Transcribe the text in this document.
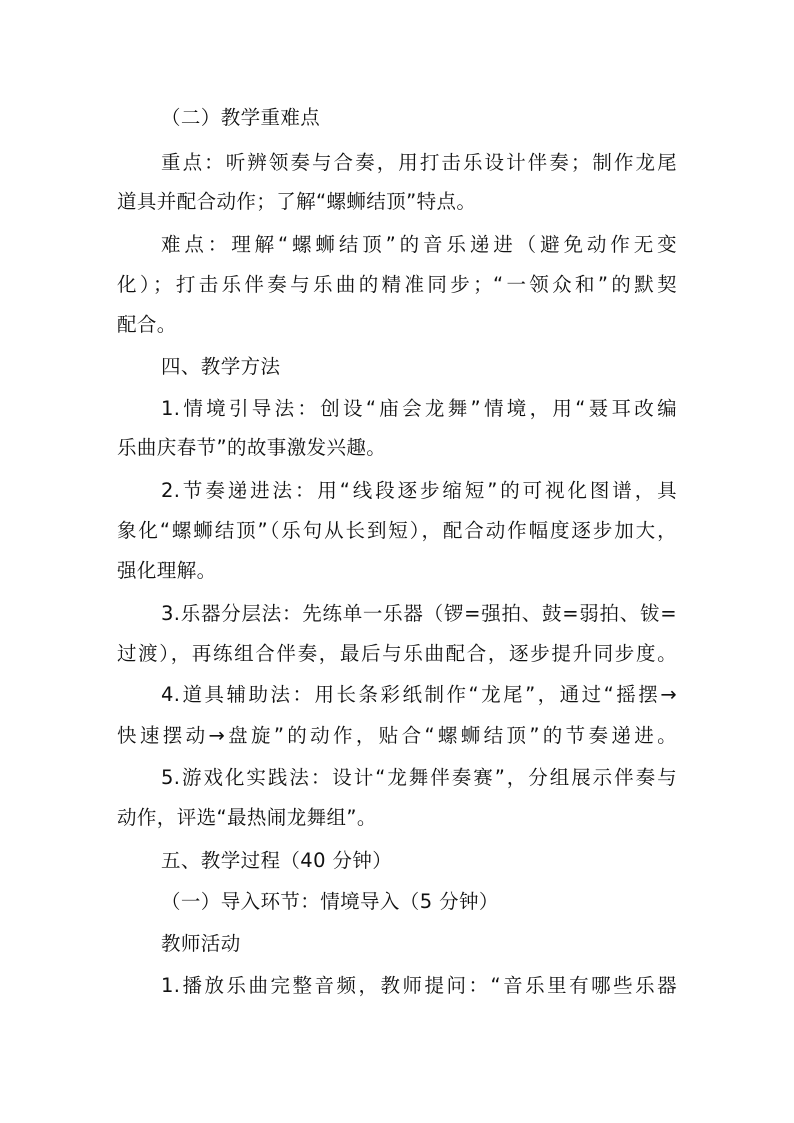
（二）教学重难点
重点：听辨领奏与合奏，用打击乐设计伴奏；制作龙尾
道具并配合动作；了解“螺蛳结顶”特点。
难点：理解“螺蛳结顶”的音乐递进（避免动作无变
化）；打击乐伴奏与乐曲的精准同步；“一领众和”的默契
配合。
四、教学方法
1.情境引导法：创设“庙会龙舞”情境，用“聂耳改编
乐曲庆春节”的故事激发兴趣。
2.节奏递进法：用“线段逐步缩短”的可视化图谱，具
象化“螺蛳结顶”（乐句从长到短），配合动作幅度逐步加大，
强化理解。
3.乐器分层法：先练单一乐器（锣=强拍、鼓=弱拍、钹=
过渡），再练组合伴奏，最后与乐曲配合，逐步提升同步度。
4.道具辅助法：用长条彩纸制作“龙尾”，通过“摇摆→
快速摆动→盘旋”的动作，贴合“螺蛳结顶”的节奏递进。
5.游戏化实践法：设计“龙舞伴奏赛”，分组展示伴奏与
动作，评选“最热闹龙舞组”。
五、教学过程（40 分钟）
（一）导入环节：情境导入（5 分钟）
教师活动
1.播放乐曲完整音频，教师提问：“音乐里有哪些乐器
